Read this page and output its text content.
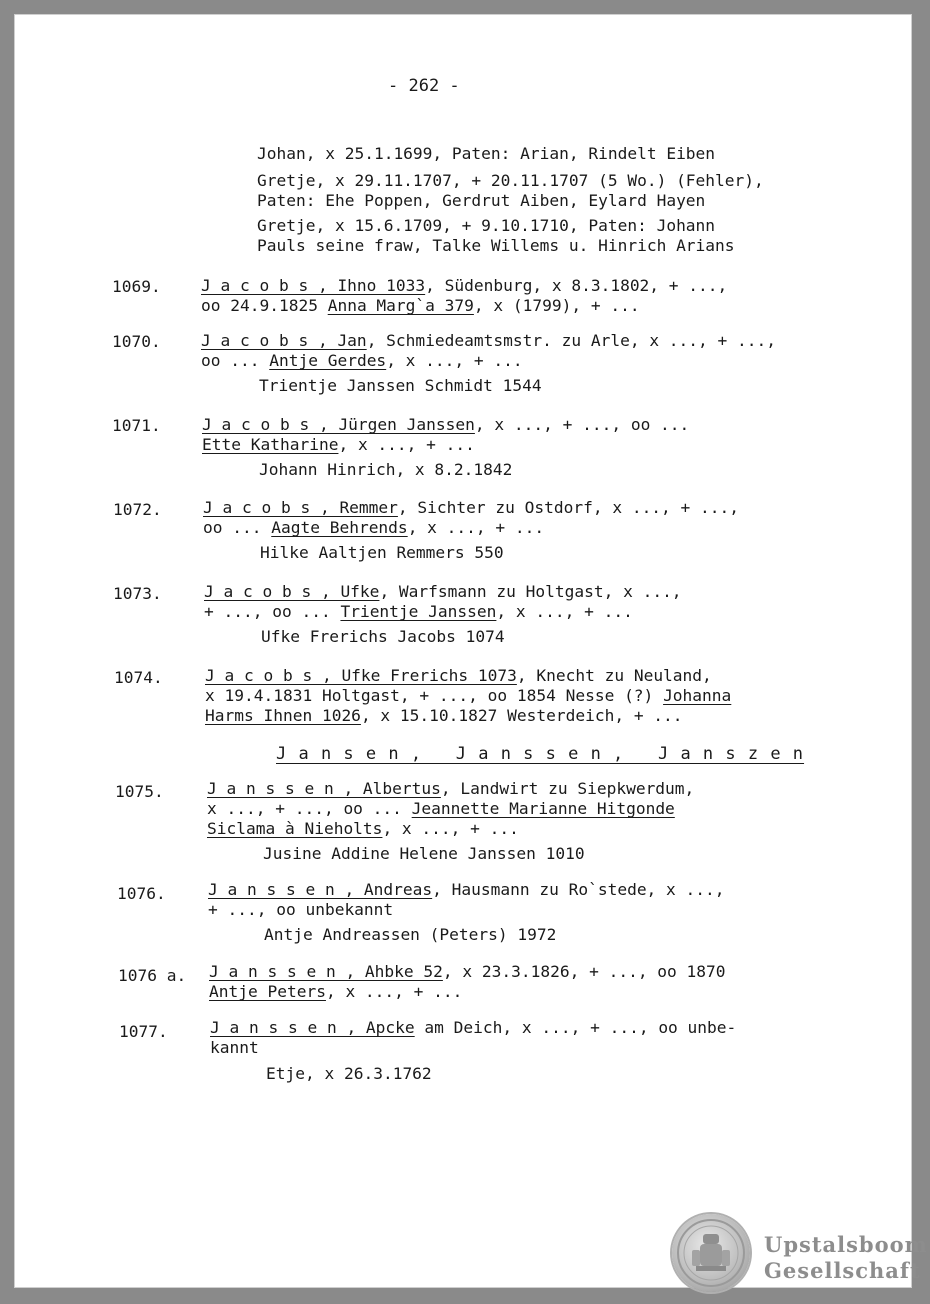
- 262 -
Johan, x 25.1.1699, Paten: Arian, Rindelt Eiben
Gretje, x 29.11.1707, + 20.11.1707 (5 Wo.) (Fehler),
Paten: Ehe Poppen, Gerdrut Aiben, Eylard Hayen
Gretje, x 15.6.1709, + 9.10.1710, Paten: Johann
Pauls seine fraw, Talke Willems u. Hinrich Arians
1069. J a c o b s , Ihno 1033, Südenburg, x 8.3.1802, + ...,
oo 24.9.1825 Anna Marg`a 379, x (1799), + ...
1070. J a c o b s , Jan, Schmiedeamtsmstr. zu Arle, x ..., + ...,
oo ... Antje Gerdes, x ..., + ...
Trientje Janssen Schmidt 1544
1071.	J a c o b s , Jürgen Janssen, x ..., + ..., oo ...
Ette Katharine, x ..., + ...
Johann Hinrich, x 8.2.1842
1072.	J a c o b s , Remmer, Sichter zu Ostdorf, x ..., + ...,
oo ... Aagte Behrends, x ..., + ...
Hilke Aaltjen Remmers 550
1073.	J a c o b s , Ufke, Warfsmann zu Holtgast, x ...,
+ ..., oo ... Trientje Janssen, x ..., + ...
Ufke Frerichs Jacobs 1074
1074.	J a c o b s , Ufke Frerichs 1073, Knecht zu Neuland,
x 19.4.1831 Holtgast, + ..., oo 1854 Nesse (?) Johanna
Harms Ihnen 1026, x 15.10.1827 Westerdeich, + ...
J a n s e n ,   J a n s s e n ,   J a n s z e n
1075.	J a n s s e n , Albertus, Landwirt zu Siepkwerdum,
x ..., + ..., oo ... Jeannette Marianne Hitgonde
Siclama à Nieholts, x ..., + ...
Jusine Addine Helene Janssen 1010
1076.	J a n s s e n , Andreas, Hausmann zu Ro`stede, x ...,
+ ..., oo unbekannt
Antje Andreassen (Peters) 1972
1076 a. J a n s s e n , Ahbke 52, x 23.3.1826, + ..., oo 1870
Antje Peters, x ..., + ...
1077.	J a n s s e n , Apcke am Deich, x ..., + ..., oo unbe-
kannt
Etje, x 26.3.1762
Upstalsboom
Gesellschaft
